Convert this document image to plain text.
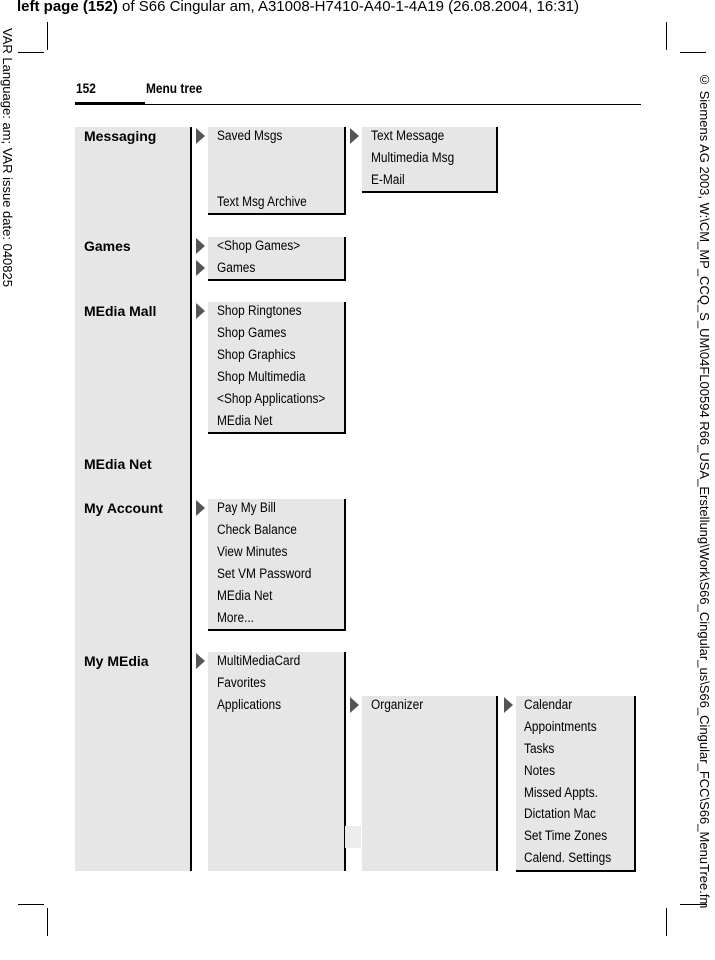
left page (152) of S66 Cingular am, A31008-H7410-A40-1-4A19 (26.08.2004, 16:31)
VAR Language: am; VAR issue date: 040825	© Siemens AG 2003, W:\CM_MP_CCQ_S_UM\04FL00594 R66_USA_Erstellung\Work\S66_Cingular_us\S66_Cingular_FCC\S66_MenuTree.fm
152	Menu tree
Messaging
Games
MEdia Mall
MEdia Net
My Account
My MEdia
Saved Msgs
Text Msg Archive
Text Message
Multimedia Msg
E-Mail
<Shop Games>
Games
Shop Ringtones
Shop Games
Shop Graphics
Shop Multimedia
<Shop Applications>
MEdia Net
Pay My Bill
Check Balance
View Minutes
Set VM Password
MEdia Net
More...
MultiMediaCard
Favorites
Applications	Organizer	Calendar
Appointments
Tasks
Notes
Missed Appts.
Dictation Mac
Set Time Zones
Calend. Settings
